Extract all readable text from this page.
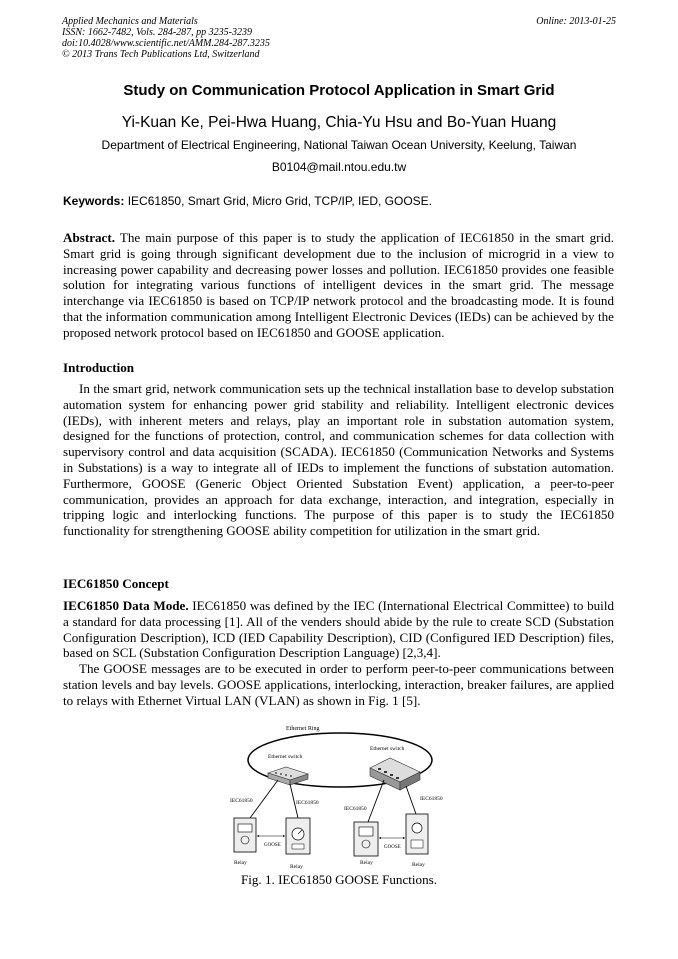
Applied Mechanics and Materials
ISSN: 1662-7482, Vols. 284-287, pp 3235-3239
doi:10.4028/www.scientific.net/AMM.284-287.3235
© 2013 Trans Tech Publications Ltd, Switzerland
Online: 2013-01-25
Study on Communication Protocol Application in Smart Grid
Yi-Kuan Ke, Pei-Hwa Huang, Chia-Yu Hsu and Bo-Yuan Huang
Department of Electrical Engineering, National Taiwan Ocean University, Keelung, Taiwan
B0104@mail.ntou.edu.tw
Keywords: IEC61850, Smart Grid, Micro Grid, TCP/IP, IED, GOOSE.
Abstract. The main purpose of this paper is to study the application of IEC61850 in the smart grid. Smart grid is going through significant development due to the inclusion of microgrid in a view to increasing power capability and decreasing power losses and pollution. IEC61850 provides one feasible solution for integrating various functions of intelligent devices in the smart grid. The message interchange via IEC61850 is based on TCP/IP network protocol and the broadcasting mode. It is found that the information communication among Intelligent Electronic Devices (IEDs) can be achieved by the proposed network protocol based on IEC61850 and GOOSE application.
Introduction
In the smart grid, network communication sets up the technical installation base to develop substation automation system for enhancing power grid stability and reliability. Intelligent electronic devices (IEDs), with inherent meters and relays, play an important role in substation automation system, designed for the functions of protection, control, and communication schemes for data collection with supervisory control and data acquisition (SCADA). IEC61850 (Communication Networks and Systems in Substations) is a way to integrate all of IEDs to implement the functions of substation automation. Furthermore, GOOSE (Generic Object Oriented Substation Event) application, a peer-to-peer communication, provides an approach for data exchange, interaction, and integration, especially in tripping logic and interlocking functions. The purpose of this paper is to study the IEC61850 functionality for strengthening GOOSE ability competition for utilization in the smart grid.
IEC61850 Concept
IEC61850 Data Mode. IEC61850 was defined by the IEC (International Electrical Committee) to build a standard for data processing [1]. All of the venders should abide by the rule to create SCD (Substation Configuration Description), ICD (IED Capability Description), CID (Configured IED Description) files, based on SCL (Substation Configuration Description Language) [2,3,4].
The GOOSE messages are to be executed in order to perform peer-to-peer communications between station levels and bay levels. GOOSE applications, interlocking, interaction, breaker failures, are applied to relays with Ethernet Virtual LAN (VLAN) as shown in Fig. 1 [5].
Ethernet Ring
Ethernet switch
Ethernet switch
IEC61850	IEC61850
IEC61850
IEC61850
GOOSE	GOOSE
Relay
Relay
Relay	Relay
Fig. 1. IEC61850 GOOSE Functions.
